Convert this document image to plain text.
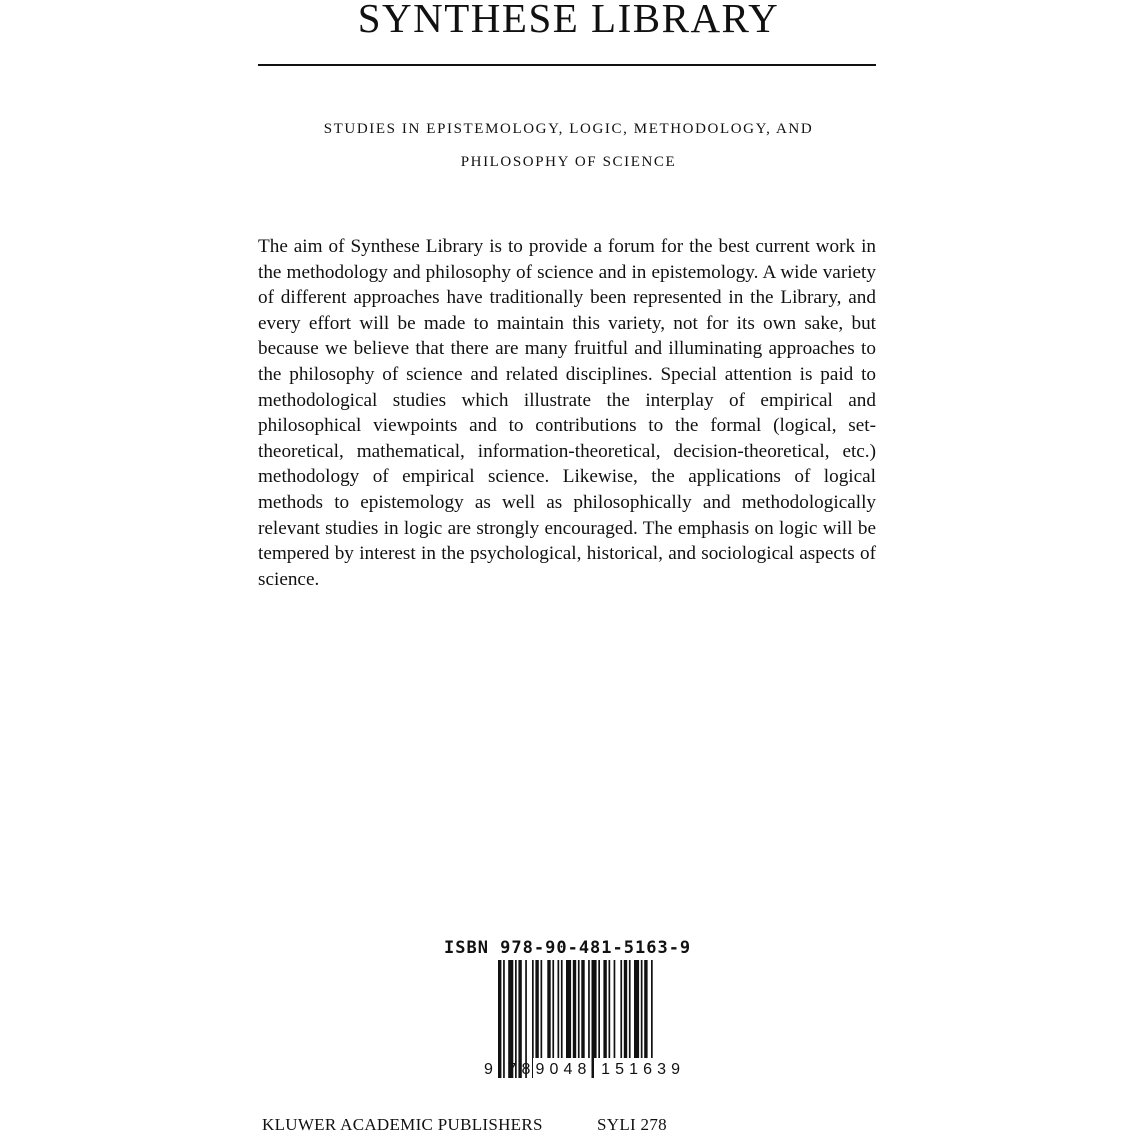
SYNTHESE LIBRARY
STUDIES IN EPISTEMOLOGY, LOGIC, METHODOLOGY, AND
PHILOSOPHY OF SCIENCE

The aim of Synthese Library is to provide a forum for the best current work in the methodology and philosophy of science and in epistemology. A wide variety of different approaches have traditionally been represented in the Library, and every effort will be made to maintain this variety, not for its own sake, but because we believe that there are many fruitful and illuminating approaches to the philosophy of science and related disciplines. Special attention is paid to methodological studies which illustrate the interplay of empirical and philosophical viewpoints and to contributions to the formal (logical, set-theoretical, mathematical, information-theoretical, decision-theoretical, etc.) methodology of empirical science. Likewise, the applications of logical methods to epistemology as well as philosophically and methodologically relevant studies in logic are strongly encouraged. The emphasis on logic will be tempered by interest in the psychological, historical, and sociological aspects of science.

ISBN 978-90-481-5163-9
9 789048 151639
KLUWER ACADEMIC PUBLISHERS	SYLI 278
